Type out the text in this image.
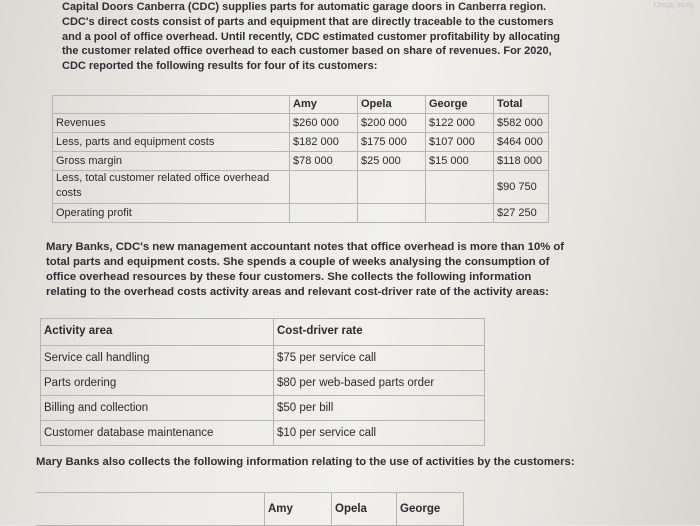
Chegg Study
Capital Doors Canberra (CDC) supplies parts for automatic garage doors in Canberra region. CDC's direct costs consist of parts and equipment that are directly traceable to the customers and a pool of office overhead. Until recently, CDC estimated customer profitability by allocating the customer related office overhead to each customer based on share of revenues. For 2020, CDC reported the following results for four of its customers:
	Amy	Opela	George	Total
Revenues	$260 000	$200 000	$122 000	$582 000
Less, parts and equipment costs	$182 000	$175 000	$107 000	$464 000
Gross margin	$78 000	$25 000	$15 000	$118 000
Less, total customer related office overhead costs				$90 750
Operating profit				$27 250
Mary Banks, CDC's new management accountant notes that office overhead is more than 10% of total parts and equipment costs. She spends a couple of weeks analysing the consumption of office overhead resources by these four customers. She collects the following information relating to the overhead costs activity areas and relevant cost-driver rate of the activity areas:
Activity area	Cost-driver rate
Service call handling	$75 per service call
Parts ordering	$80 per web-based parts order
Billing and collection	$50 per bill
Customer database maintenance	$10 per service call
Mary Banks also collects the following information relating to the use of activities by the customers:
	Amy	Opela	George
